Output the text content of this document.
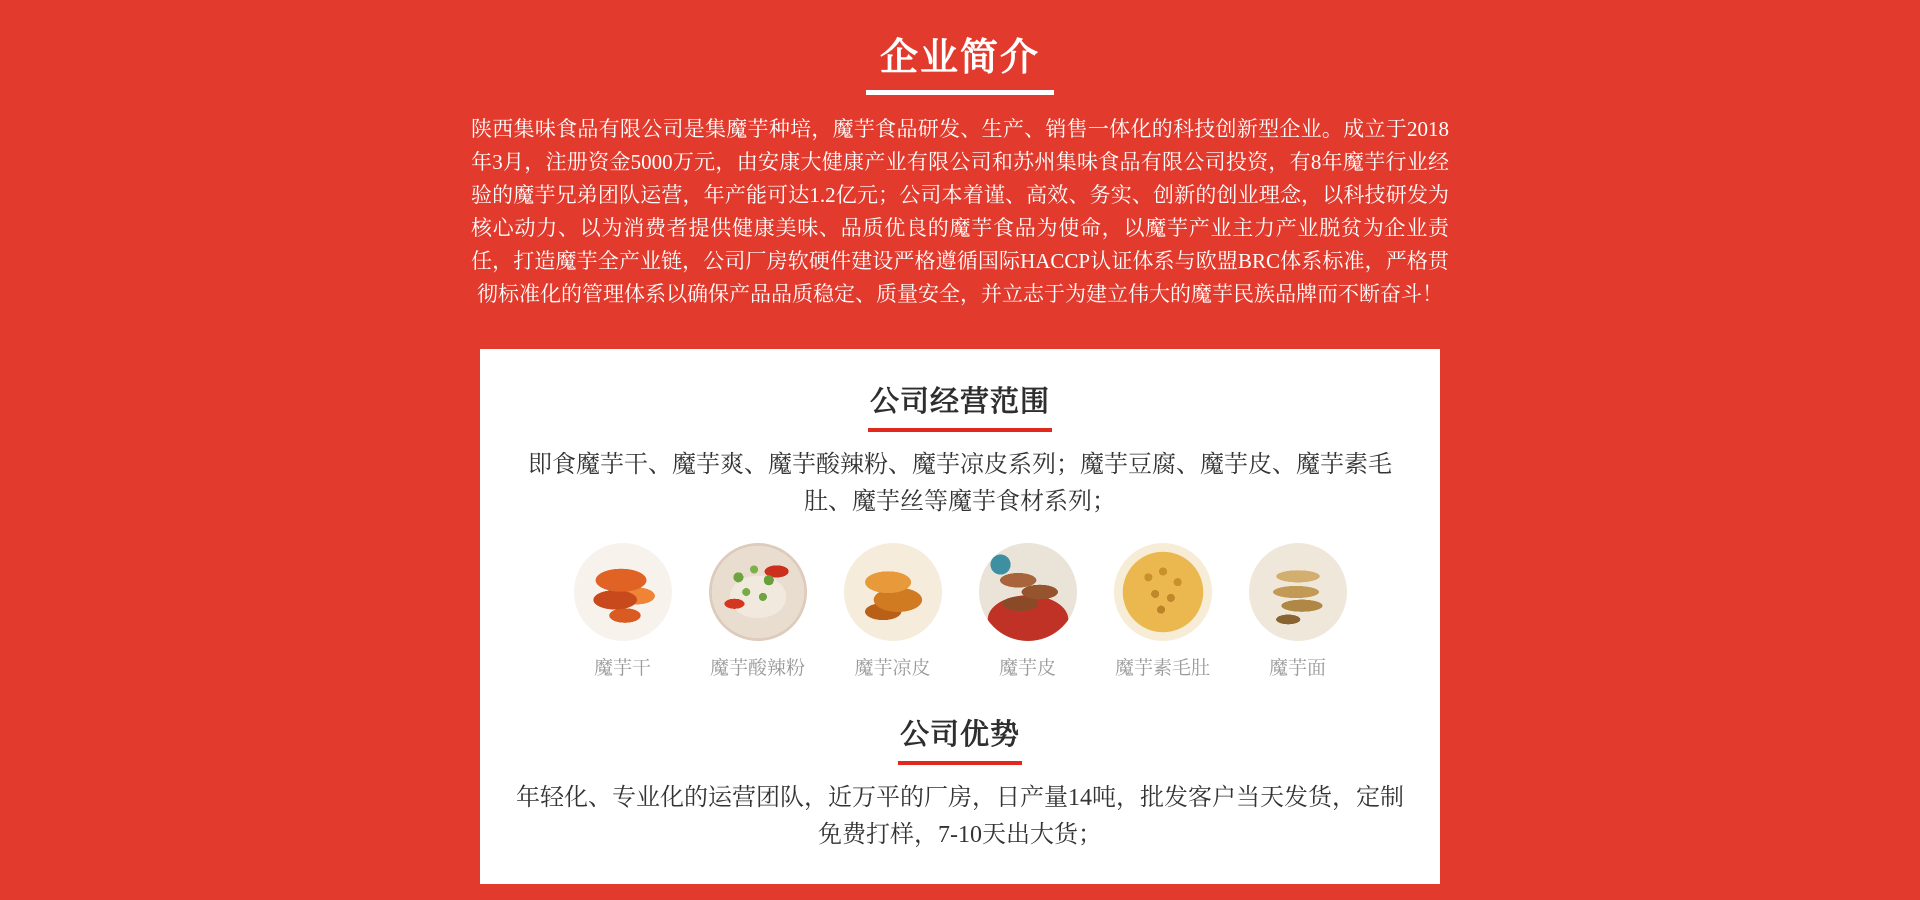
企业简介

陕西集味食品有限公司是集魔芋种培，魔芋食品研发、生产、销售一体化的科技创新型企业。成立于2018年3月，注册资金5000万元，由安康大健康产业有限公司和苏州集味食品有限公司投资，有8年魔芋行业经验的魔芋兄弟团队运营，年产能可达1.2亿元；公司本着谨、高效、务实、创新的创业理念，以科技研发为核心动力、以为消费者提供健康美味、品质优良的魔芋食品为使命，以魔芋产业主力产业脱贫为企业责任，打造魔芋全产业链，公司厂房软硬件建设严格遵循国际HACCP认证体系与欧盟BRC体系标准，严格贯彻标准化的管理体系以确保产品品质稳定、质量安全，并立志于为建立伟大的魔芋民族品牌而不断奋斗！

公司经营范围

即食魔芋干、魔芋爽、魔芋酸辣粉、魔芋凉皮系列；魔芋豆腐、魔芋皮、魔芋素毛肚、魔芋丝等魔芋食材系列；

魔芋干	魔芋酸辣粉	魔芋凉皮	魔芋皮	魔芋素毛肚	魔芋面
公司优势

年轻化、专业化的运营团队，近万平的厂房，日产量14吨，批发客户当天发货，定制免费打样，7-10天出大货；
